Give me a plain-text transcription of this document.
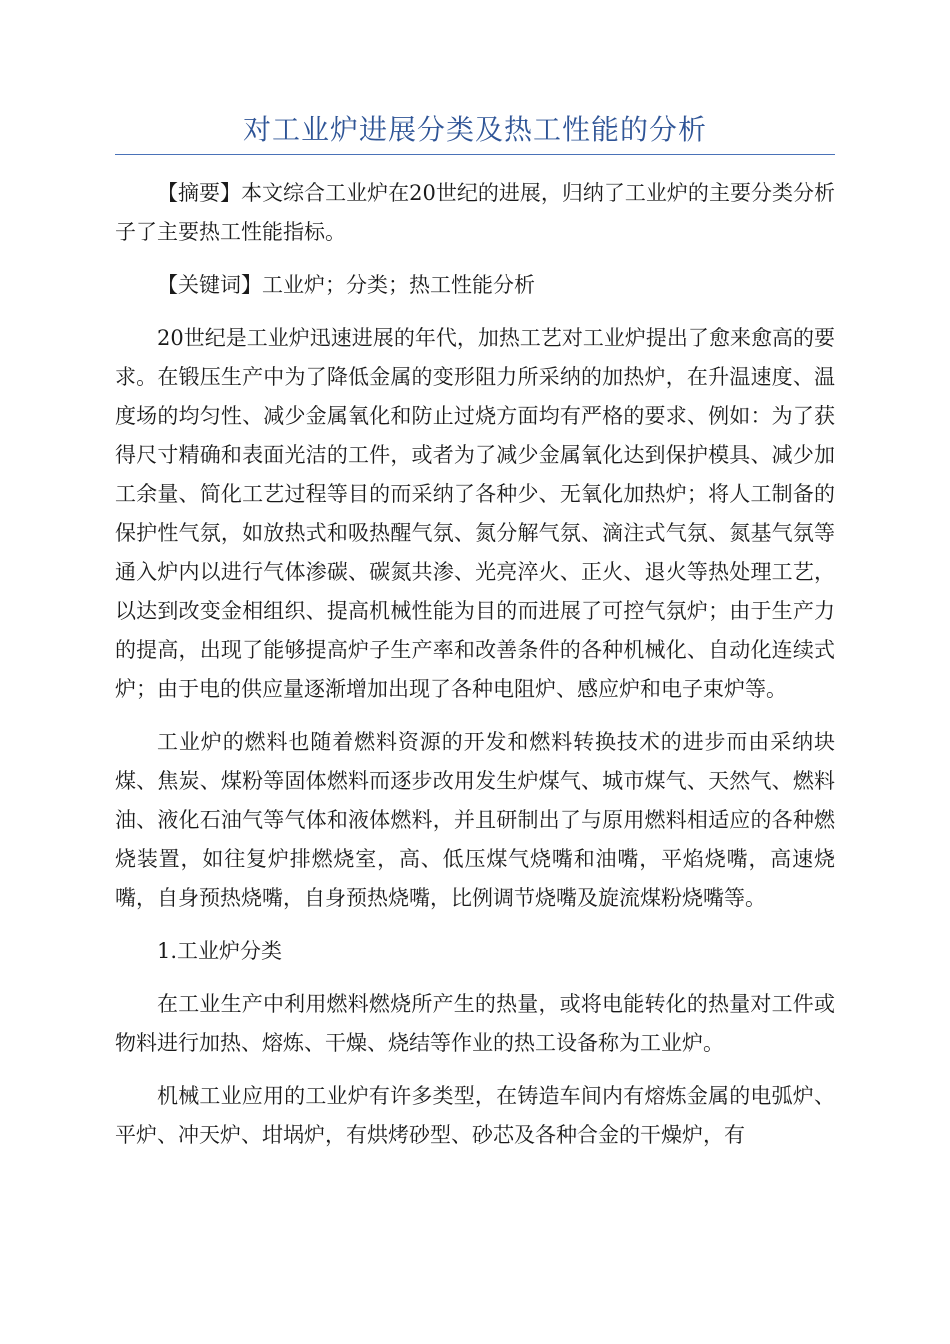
对工业炉进展分类及热工性能的分析

【摘要】本文综合工业炉在20世纪的进展，归纳了工业炉的主要分类分析子了主要热工性能指标。

【关键词】工业炉；分类；热工性能分析

20世纪是工业炉迅速进展的年代，加热工艺对工业炉提出了愈来愈高的要求。在锻压生产中为了降低金属的变形阻力所采纳的加热炉，在升温速度、温度场的均匀性、减少金属氧化和防止过烧方面均有严格的要求、例如：为了获得尺寸精确和表面光洁的工件，或者为了减少金属氧化达到保护模具、减少加工余量、简化工艺过程等目的而采纳了各种少、无氧化加热炉；将人工制备的保护性气氛，如放热式和吸热醒气氛、氮分解气氛、滴注式气氛、氮基气氛等通入炉内以进行气体渗碳、碳氮共渗、光亮淬火、正火、退火等热处理工艺，以达到改变金相组织、提高机械性能为目的而进展了可控气氛炉；由于生产力的提高，出现了能够提高炉子生产率和改善条件的各种机械化、自动化连续式炉；由于电的供应量逐渐增加出现了各种电阻炉、感应炉和电子束炉等。

工业炉的燃料也随着燃料资源的开发和燃料转换技术的进步而由采纳块煤、焦炭、煤粉等固体燃料而逐步改用发生炉煤气、城市煤气、天然气、燃料油、液化石油气等气体和液体燃料，并且研制出了与原用燃料相适应的各种燃烧装置，如往复炉排燃烧室，高、低压煤气烧嘴和油嘴，平焰烧嘴，高速烧嘴，自身预热烧嘴，自身预热烧嘴，比例调节烧嘴及旋流煤粉烧嘴等。

1.工业炉分类

在工业生产中利用燃料燃烧所产生的热量，或将电能转化的热量对工件或物料进行加热、熔炼、干燥、烧结等作业的热工设备称为工业炉。

机械工业应用的工业炉有许多类型，在铸造车间内有熔炼金属的电弧炉、平炉、冲天炉、坩埚炉，有烘烤砂型、砂芯及各种合金的干燥炉，有
